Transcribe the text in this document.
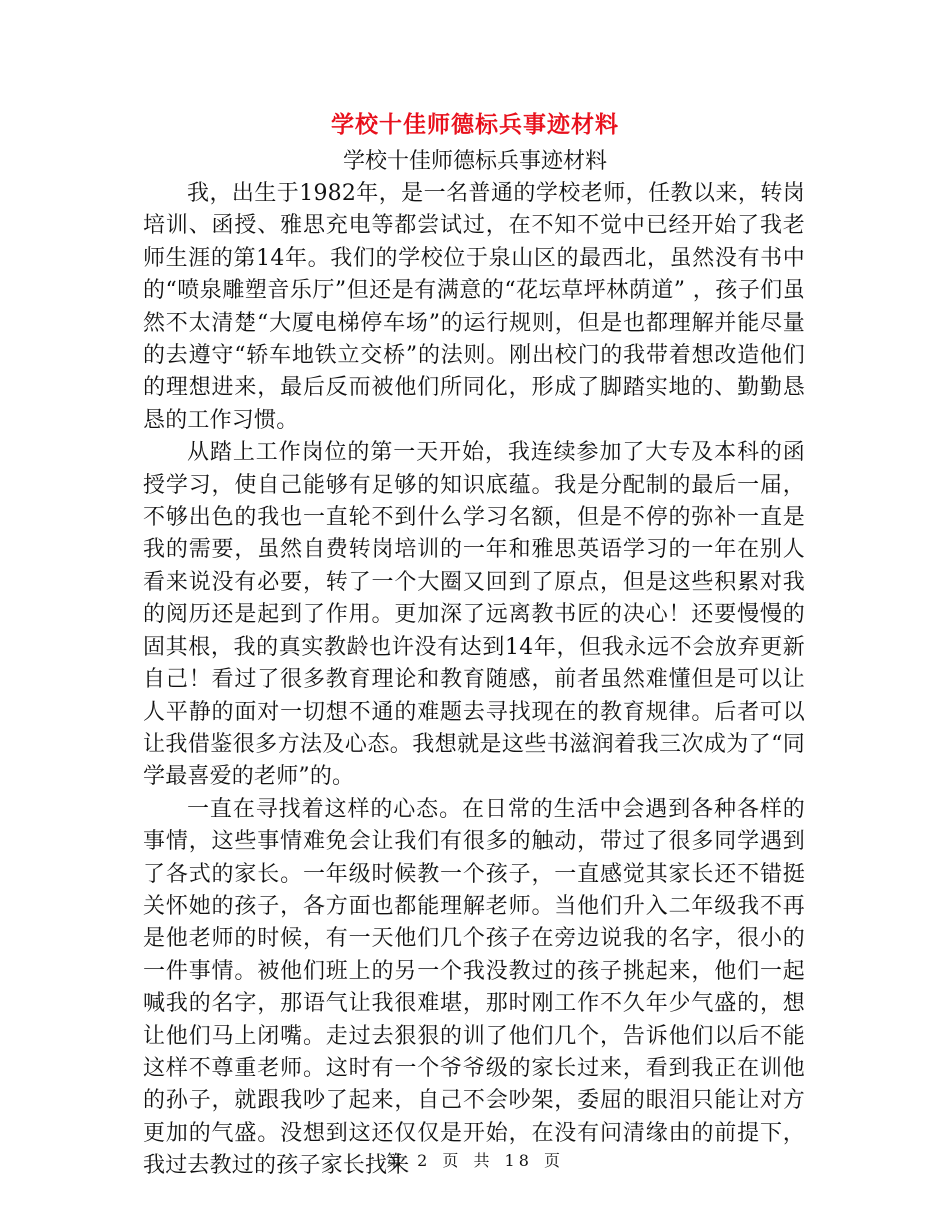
学校十佳师德标兵事迹材料
学校十佳师德标兵事迹材料

我，出生于1982年，是一名普通的学校老师，任教以来，转岗培训、函授、雅思充电等都尝试过，在不知不觉中已经开始了我老师生涯的第14年。我们的学校位于泉山区的最西北，虽然没有书中的“喷泉雕塑音乐厅”但还是有满意的“花坛草坪林荫道” ，孩子们虽然不太清楚“大厦电梯停车场”的运行规则，但是也都理解并能尽量的去遵守“轿车地铁立交桥”的法则。刚出校门的我带着想改造他们的理想进来，最后反而被他们所同化，形成了脚踏实地的、勤勤恳恳的工作习惯。

从踏上工作岗位的第一天开始，我连续参加了大专及本科的函授学习，使自己能够有足够的知识底蕴。我是分配制的最后一届，不够出色的我也一直轮不到什么学习名额，但是不停的弥补一直是我的需要，虽然自费转岗培训的一年和雅思英语学习的一年在别人看来说没有必要，转了一个大圈又回到了原点，但是这些积累对我的阅历还是起到了作用。更加深了远离教书匠的决心！还要慢慢的固其根，我的真实教龄也许没有达到14年，但我永远不会放弃更新自己！看过了很多教育理论和教育随感，前者虽然难懂但是可以让人平静的面对一切想不通的难题去寻找现在的教育规律。后者可以让我借鉴很多方法及心态。我想就是这些书滋润着我三次成为了“同学最喜爱的老师”的。

一直在寻找着这样的心态。在日常的生活中会遇到各种各样的事情，这些事情难免会让我们有很多的触动，带过了很多同学遇到了各式的家长。一年级时候教一个孩子，一直感觉其家长还不错挺关怀她的孩子，各方面也都能理解老师。当他们升入二年级我不再是他老师的时候，有一天他们几个孩子在旁边说我的名字，很小的一件事情。被他们班上的另一个我没教过的孩子挑起来，他们一起喊我的名字，那语气让我很难堪，那时刚工作不久年少气盛的，想让他们马上闭嘴。走过去狠狠的训了他们几个，告诉他们以后不能这样不尊重老师。这时有一个爷爷级的家长过来，看到我正在训他的孙子，就跟我吵了起来，自己不会吵架，委屈的眼泪只能让对方更加的气盛。没想到这还仅仅是开始，在没有问清缘由的前提下，我过去教过的孩子家长找来

第 2 页 共 18 页
